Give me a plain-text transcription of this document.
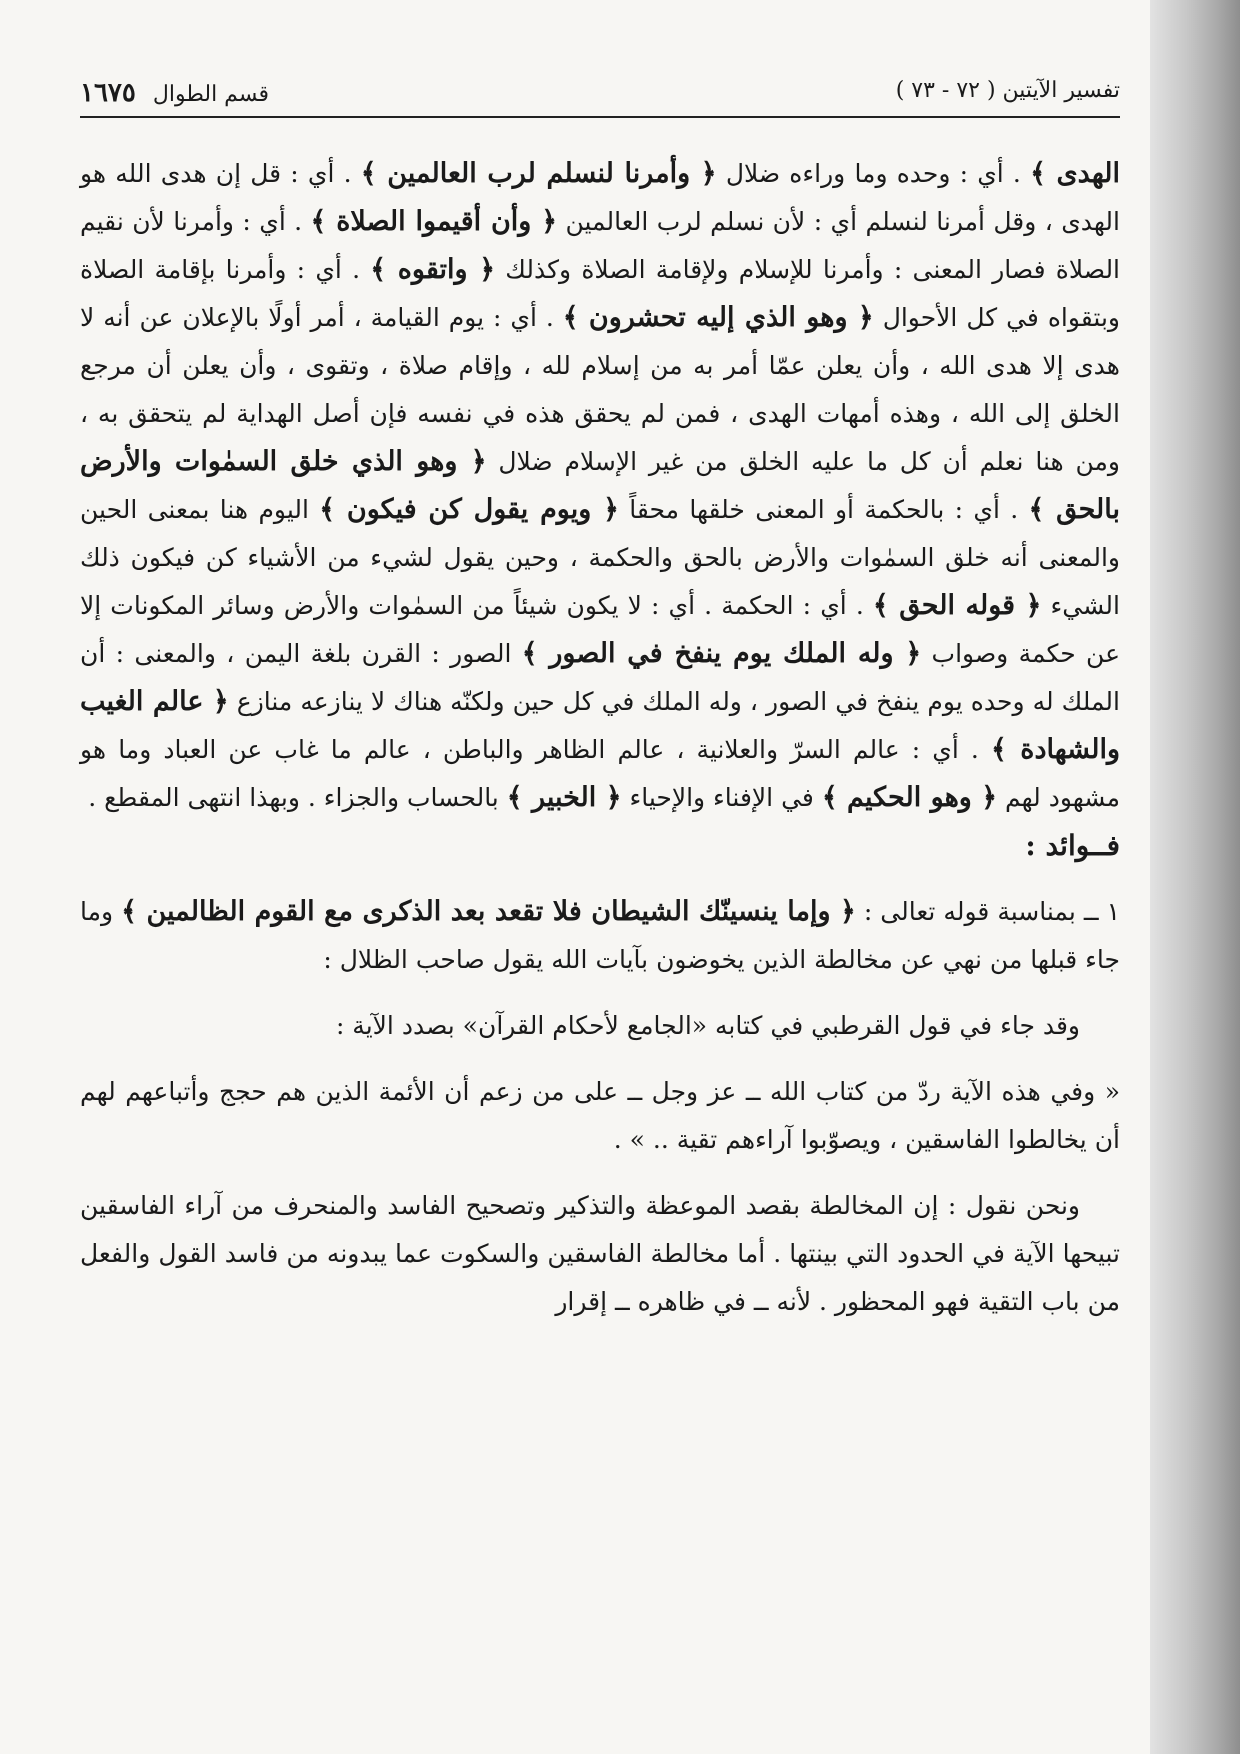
تفسير الآيتين ( ٧٢ - ٧٣ )
قسم الطوال ١٦٧٥

الهدى ﴾ . أي : وحده وما وراءه ضلال ﴿ وأمرنا لنسلم لرب العالمين ﴾ . أي : قل إن هدى الله هو الهدى ، وقل أمرنا لنسلم أي : لأن نسلم لرب العالمين ﴿ وأن أقيموا الصلاة ﴾ . أي : وأمرنا لأن نقيم الصلاة فصار المعنى : وأمرنا للإسلام ولإقامة الصلاة وكذلك ﴿ واتقوه ﴾ . أي : وأمرنا بإقامة الصلاة وبتقواه في كل الأحوال ﴿ وهو الذي إليه تحشرون ﴾ . أي : يوم القيامة ، أمر أولًا بالإعلان عن أنه لا هدى إلا هدى الله ، وأن يعلن عمّا أمر به من إسلام لله ، وإقام صلاة ، وتقوى ، وأن يعلن أن مرجع الخلق إلى الله ، وهذه أمهات الهدى ، فمن لم يحقق هذه في نفسه فإن أصل الهداية لم يتحقق به ، ومن هنا نعلم أن كل ما عليه الخلق من غير الإسلام ضلال ﴿ وهو الذي خلق السمٰوات والأرض بالحق ﴾ . أي : بالحكمة أو المعنى خلقها محقاً ﴿ ويوم يقول كن فيكون ﴾ اليوم هنا بمعنى الحين والمعنى أنه خلق السمٰوات والأرض بالحق والحكمة ، وحين يقول لشيء من الأشياء كن فيكون ذلك الشيء ﴿ قوله الحق ﴾ . أي : الحكمة . أي : لا يكون شيئاً من السمٰوات والأرض وسائر المكونات إلا عن حكمة وصواب ﴿ وله الملك يوم ينفخ في الصور ﴾ الصور : القرن بلغة اليمن ، والمعنى : أن الملك له وحده يوم ينفخ في الصور ، وله الملك في كل حين ولكنّه هناك لا ينازعه منازع ﴿ عالم الغيب والشهادة ﴾ . أي : عالم السرّ والعلانية ، عالم الظاهر والباطن ، عالم ما غاب عن العباد وما هو مشهود لهم ﴿ وهو الحكيم ﴾ في الإفناء والإحياء ﴿ الخبير ﴾ بالحساب والجزاء . وبهذا انتهى المقطع .

فــوائد :

١ ــ بمناسبة قوله تعالى : ﴿ وإما ينسينّك الشيطان فلا تقعد بعد الذكرى مع القوم الظالمين ﴾ وما جاء قبلها من نهي عن مخالطة الذين يخوضون بآيات الله يقول صاحب الظلال :

وقد جاء في قول القرطبي في كتابه «الجامع لأحكام القرآن» بصدد الآية :

« وفي هذه الآية ردّ من كتاب الله ــ عز وجل ــ على من زعم أن الأئمة الذين هم حجج وأتباعهم لهم أن يخالطوا الفاسقين ، ويصوّبوا آراءهم تقية .. » .

ونحن نقول : إن المخالطة بقصد الموعظة والتذكير وتصحيح الفاسد والمنحرف من آراء الفاسقين تبيحها الآية في الحدود التي بينتها . أما مخالطة الفاسقين والسكوت عما يبدونه من فاسد القول والفعل من باب التقية فهو المحظور . لأنه ــ في ظاهره ــ إقرار
